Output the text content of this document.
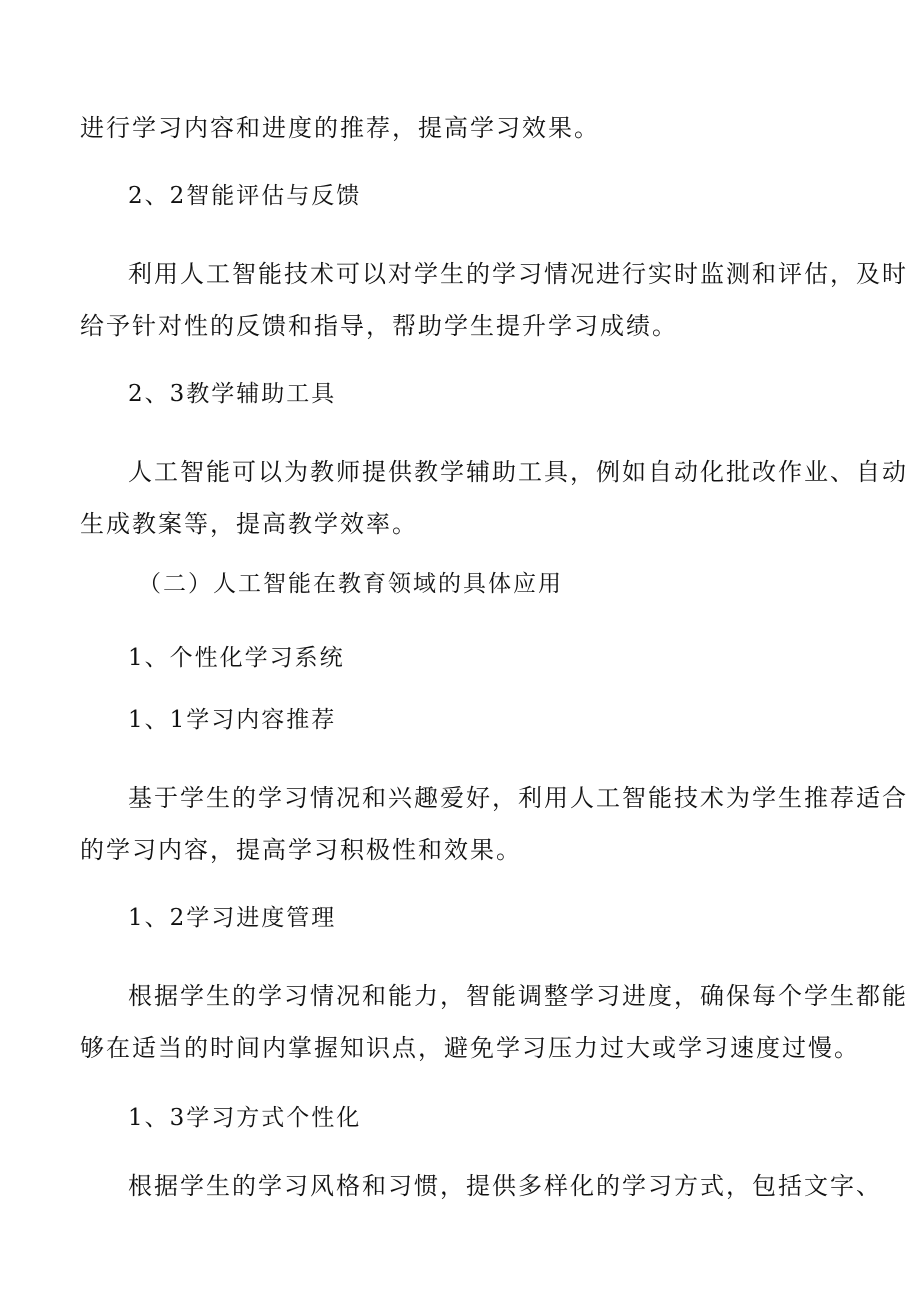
进行学习内容和进度的推荐，提高学习效果。
2、2智能评估与反馈
利用人工智能技术可以对学生的学习情况进行实时监测和评估，及时
给予针对性的反馈和指导，帮助学生提升学习成绩。
2、3教学辅助工具
人工智能可以为教师提供教学辅助工具，例如自动化批改作业、自动
生成教案等，提高教学效率。
（二）人工智能在教育领域的具体应用
1、个性化学习系统
1、1学习内容推荐
基于学生的学习情况和兴趣爱好，利用人工智能技术为学生推荐适合
的学习内容，提高学习积极性和效果。
1、2学习进度管理
根据学生的学习情况和能力，智能调整学习进度，确保每个学生都能
够在适当的时间内掌握知识点，避免学习压力过大或学习速度过慢。
1、3学习方式个性化
根据学生的学习风格和习惯，提供多样化的学习方式，包括文字、
